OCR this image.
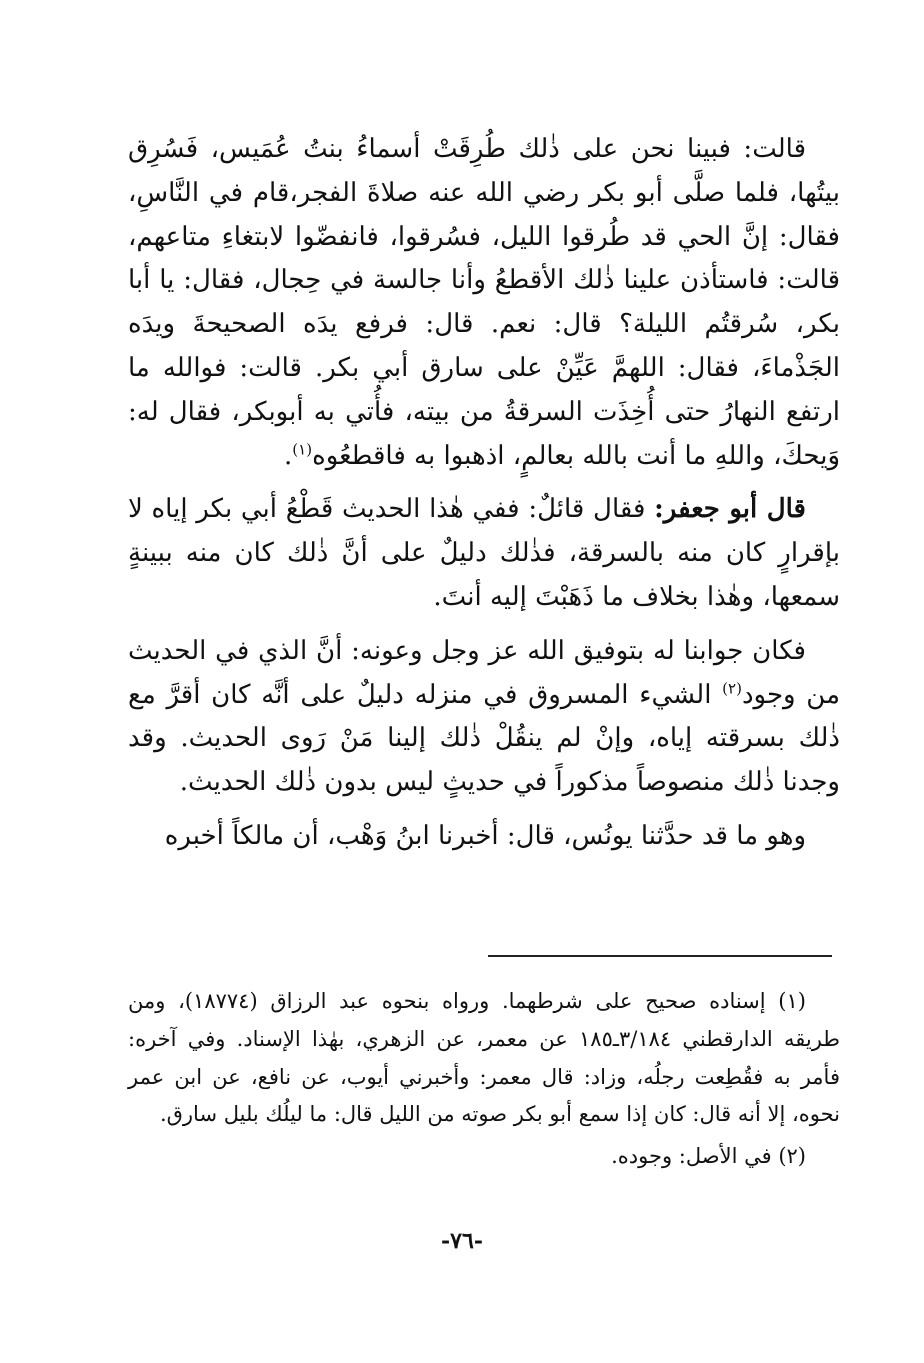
قالت: فبينا نحن على ذٰلك طُرِقَتْ أسماءُ بنتُ عُمَيس، فَسُرِق بيتُها، فلما صلَّى أبو بكر رضي الله عنه صلاةَ الفجر،قام في النَّاسِ، فقال: إنَّ الحي قد طُرقوا الليل، فسُرقوا، فانفضّوا لابتغاءِ متاعهم، قالت: فاستأذن علينا ذٰلك الأقطعُ وأنا جالسة في حِجال، فقال: يا أبا بكر، سُرقتُم الليلة؟ قال: نعم. قال: فرفع يدَه الصحيحةَ ويدَه الجَذْماءَ، فقال: اللهمَّ عَيِّنْ على سارق أبي بكر. قالت: فوالله ما ارتفع النهارُ حتى أُخِذَت السرقةُ من بيته، فأُتي به أبوبكر، فقال له: وَيحكَ، واللهِ ما أنت بالله بعالمٍ، اذهبوا به فاقطعُوه$^{(١)}$.

قال أبو جعفر: فقال قائلٌ: ففي هٰذا الحديث قَطْعُ أبي بكر إياه لا بإقرارٍ كان منه بالسرقة، فذٰلك دليلٌ على أنَّ ذٰلك كان منه ببينةٍ سمعها، وهٰذا بخلاف ما ذَهَبْتَ إليه أنتَ.

فكان جوابنا له بتوفيق الله عز وجل وعونه: أنَّ الذي في الحديث من وجود$^{(٢)}$ الشيء المسروق في منزله دليلٌ على أنَّه كان أقرَّ مع ذٰلك بسرقته إياه، وإنْ لم ينقُلْ ذٰلك إلينا مَنْ رَوى الحديث. وقد وجدنا ذٰلك منصوصاً مذكوراً في حديثٍ ليس بدون ذٰلك الحديث.

وهو ما قد حدَّثنا يونُس، قال: أخبرنا ابنُ وَهْب، أن مالكاً أخبره

(١) إسناده صحيح على شرطهما. ورواه بنحوه عبد الرزاق (١٨٧٧٤)، ومن طريقه الدارقطني ٣/١٨٤ـ١٨٥ عن معمر، عن الزهري، بهٰذا الإسناد. وفي آخره: فأمر به فقُطِعت رجلُه، وزاد: قال معمر: وأخبرني أيوب، عن نافع، عن ابن عمر نحوه، إلا أنه قال: كان إذا سمع أبو بكر صوته من الليل قال: ما ليلُك بليل سارق.

(٢) في الأصل: وجوده.

-٧٦-
